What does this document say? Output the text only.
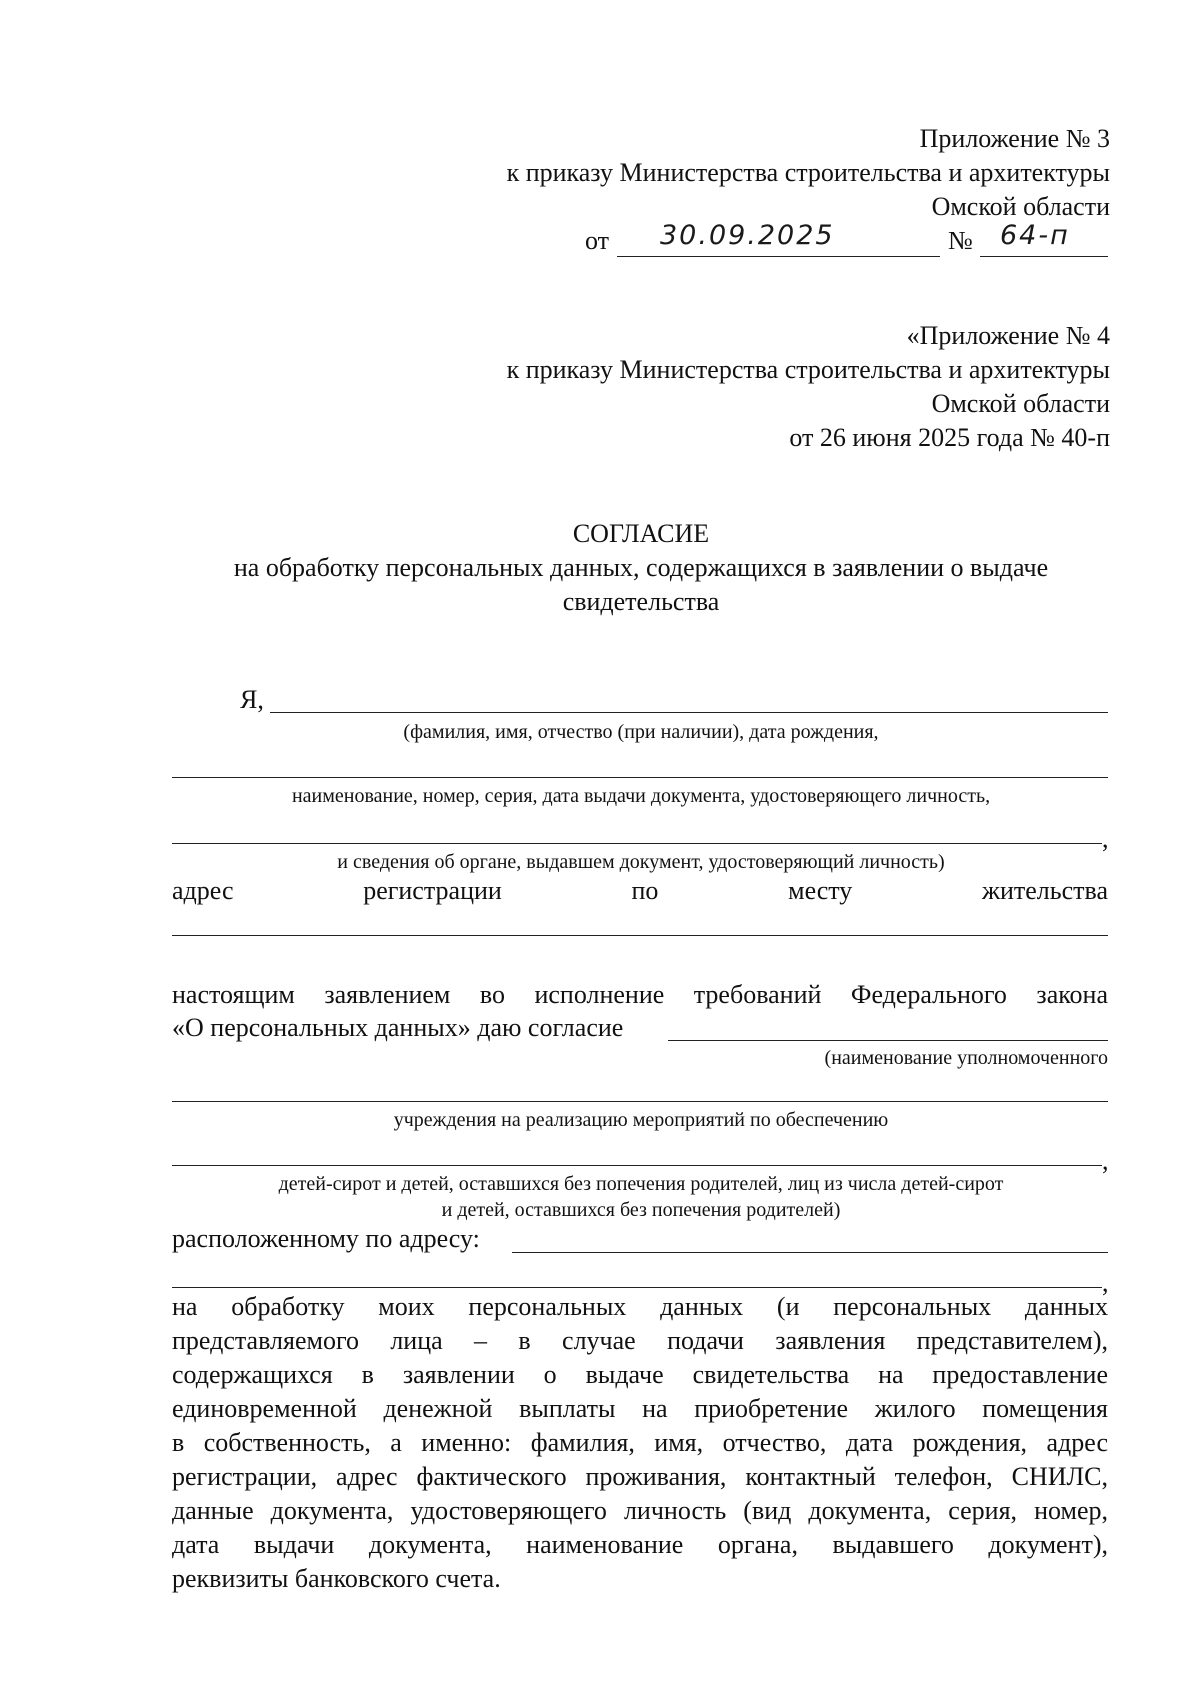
Приложение № 3
к приказу Министерства строительства и архитектуры
Омской области
от 30.09.2025	№ 64-п
«Приложение № 4
к приказу Министерства строительства и архитектуры
Омской области
от 26 июня 2025 года № 40-п
СОГЛАСИЕ
на обработку персональных данных, содержащихся в заявлении о выдаче
свидетельства
Я,
(фамилия, имя, отчество (при наличии), дата рождения,
наименование, номер, серия, дата выдачи документа, удостоверяющего личность,
,
и сведения об органе, выдавшем документ, удостоверяющий личность)
адрес	регистрации	по	месту	жительства
настоящим заявлением во исполнение требований Федерального закона
«О персональных данных» даю согласие
(наименование уполномоченного
учреждения на реализацию мероприятий по обеспечению
,
детей-сирот и детей, оставшихся без попечения родителей, лиц из числа детей-сирот
и детей, оставшихся без попечения родителей)
расположенному по адресу:
,
на обработку моих персональных данных (и персональных данных
представляемого лица – в случае подачи заявления представителем),
содержащихся в заявлении о выдаче свидетельства на предоставление
единовременной денежной выплаты на приобретение жилого помещения
в собственность, а именно: фамилия, имя, отчество, дата рождения, адрес
регистрации, адрес фактического проживания, контактный телефон, СНИЛС,
данные документа, удостоверяющего личность (вид документа, серия, номер,
дата выдачи документа, наименование органа, выдавшего документ),
реквизиты банковского счета.
